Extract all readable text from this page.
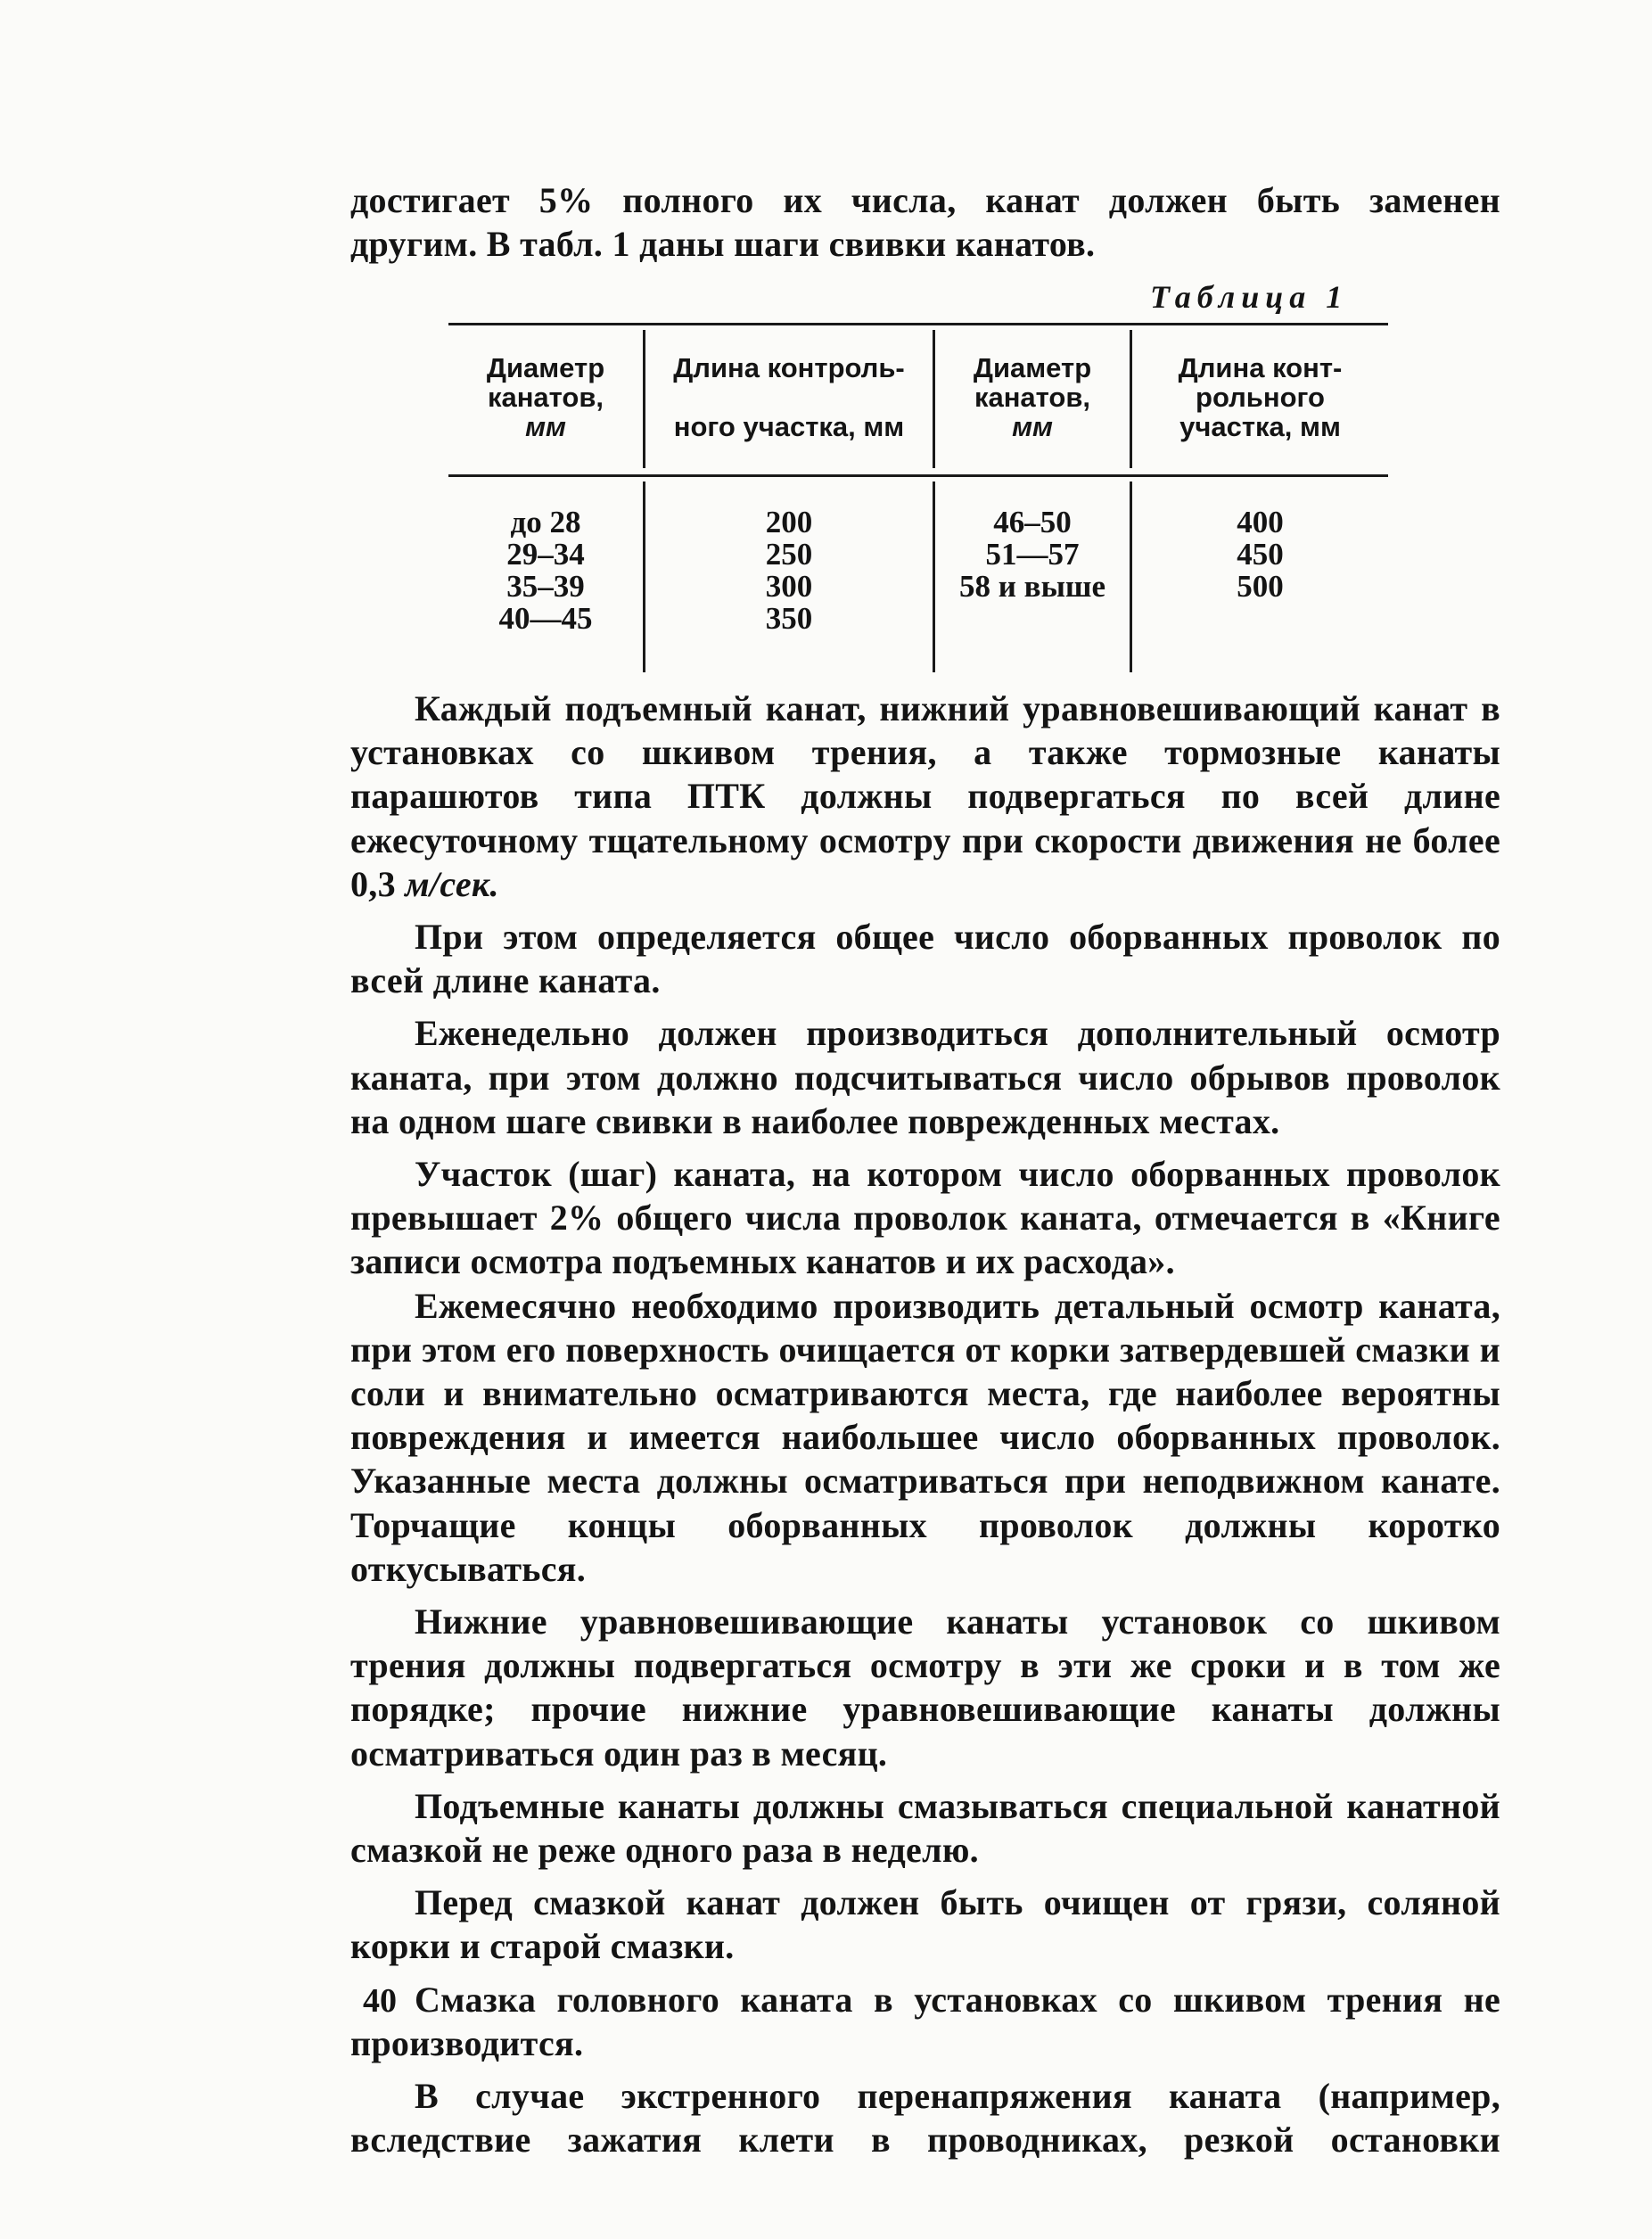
достигает 5% полного их числа, канат должен быть заменен

другим. В табл. 1 даны шаги свивки канатов.

Таблица 1
Диаметр
канатов,
мм
Длина контроль-
ного участка, мм
Диаметр
канатов,
мм
Длина конт-
рольного
участка, мм
до 28
29–34
35–39
40—45
200
250
300
350
46–50
51—57
58 и выше
400
450
500

Каждый подъемный канат, нижний уравновешивающий канат в установках со шкивом трения, а также тормозные канаты парашютов типа ПТК должны подвергаться по всей длине ежесуточному тщательному осмотру при скорости движения не более 0,3 м/сек.

При этом определяется общее число оборванных проволок по всей длине каната.

Еженедельно должен производиться дополнительный осмотр каната, при этом должно подсчитываться число обрывов проволок на одном шаге свивки в наиболее поврежденных местах.

Участок (шаг) каната, на котором число оборванных проволок превышает 2% общего числа проволок каната, отмечается в «Книге записи осмотра подъемных канатов и их расхода».

Ежемесячно необходимо производить детальный осмотр каната, при этом его поверхность очищается от корки затвердевшей смазки и соли и внимательно осматриваются места, где наиболее вероятны повреждения и имеется наибольшее число оборванных проволок. Указанные места должны осматриваться при неподвижном канате. Торчащие концы оборванных проволок должны коротко откусываться.

Нижние уравновешивающие канаты установок со шкивом трения должны подвергаться осмотру в эти же сроки и в том же порядке; прочие нижние уравновешивающие канаты должны осматриваться один раз в месяц.

Подъемные канаты должны смазываться специальной канатной смазкой не реже одного раза в неделю.

Перед смазкой канат должен быть очищен от грязи, соляной корки и старой смазки.

Смазка головного каната в установках со шкивом трения не производится.

В случае экстренного перенапряжения каната (например, вследствие зажатия клети в проводниках, резкой остановки

40
